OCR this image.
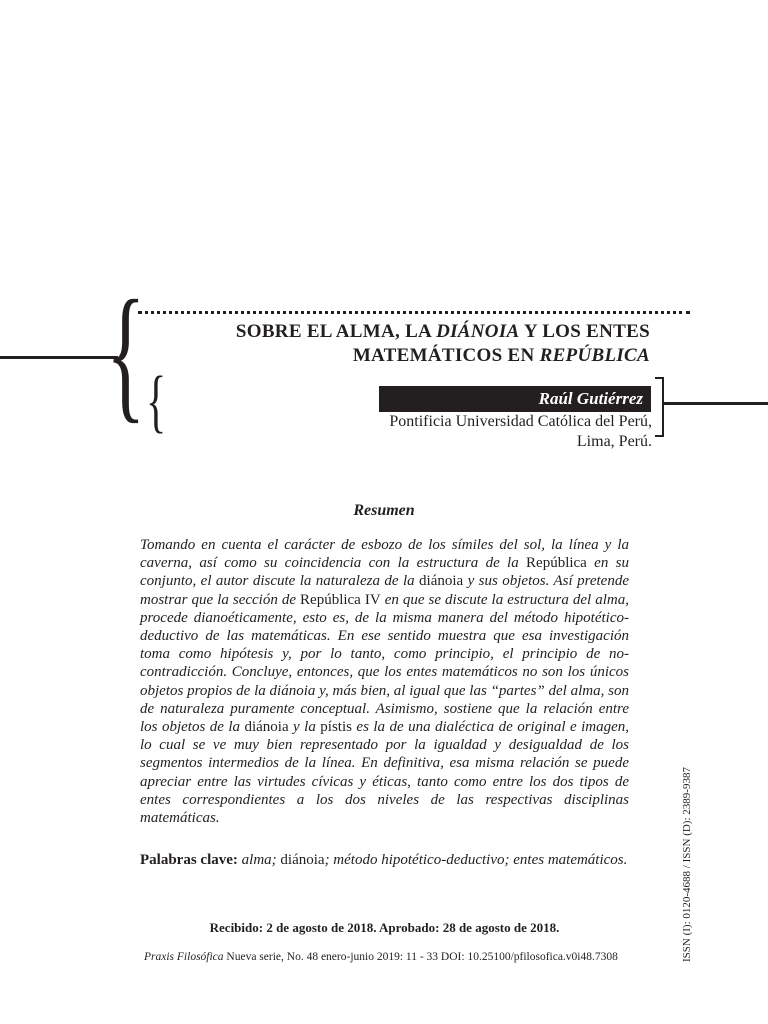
{ {
SOBRE EL ALMA, LA DIÁNOIA Y LOS ENTES
MATEMÁTICOS EN REPÚBLICA
Raúl Gutiérrez
Pontificia Universidad Católica del Perú,
Lima, Perú.
Resumen

Tomando en cuenta el carácter de esbozo de los símiles del sol, la línea y la caverna, así como su coincidencia con la estructura de la República en su conjunto, el autor discute la naturaleza de la diánoia y sus objetos. Así pretende mostrar que la sección de República IV en que se discute la estructura del alma, procede dianoéticamente, esto es, de la misma manera del método hipotético-deductivo de las matemáticas. En ese sentido muestra que esa investigación toma como hipótesis y, por lo tanto, como principio, el principio de no-contradicción. Concluye, entonces, que los entes matemáticos no son los únicos objetos propios de la diánoia y, más bien, al igual que las “partes” del alma, son de naturaleza puramente conceptual. Asimismo, sostiene que la relación entre los objetos de la diánoia y la pístis es la de una dialéctica de original e imagen, lo cual se ve muy bien representado por la igualdad y desigualdad de los segmentos intermedios de la línea. En definitiva, esa misma relación se puede apreciar entre las virtudes cívicas y éticas, tanto como entre los dos tipos de entes correspondientes a los dos niveles de las respectivas disciplinas matemáticas.

Palabras clave: alma; diánoia; método hipotético-deductivo; entes matemáticos.

Recibido: 2 de agosto de 2018. Aprobado: 28 de agosto de 2018.
Praxis Filosófica Nueva serie, No. 48 enero-junio 2019: 11 - 33 DOI: 10.25100/pfilosofica.v0i48.7308	ISSN (I): 0120-4688 / ISSN (D): 2389-9387
